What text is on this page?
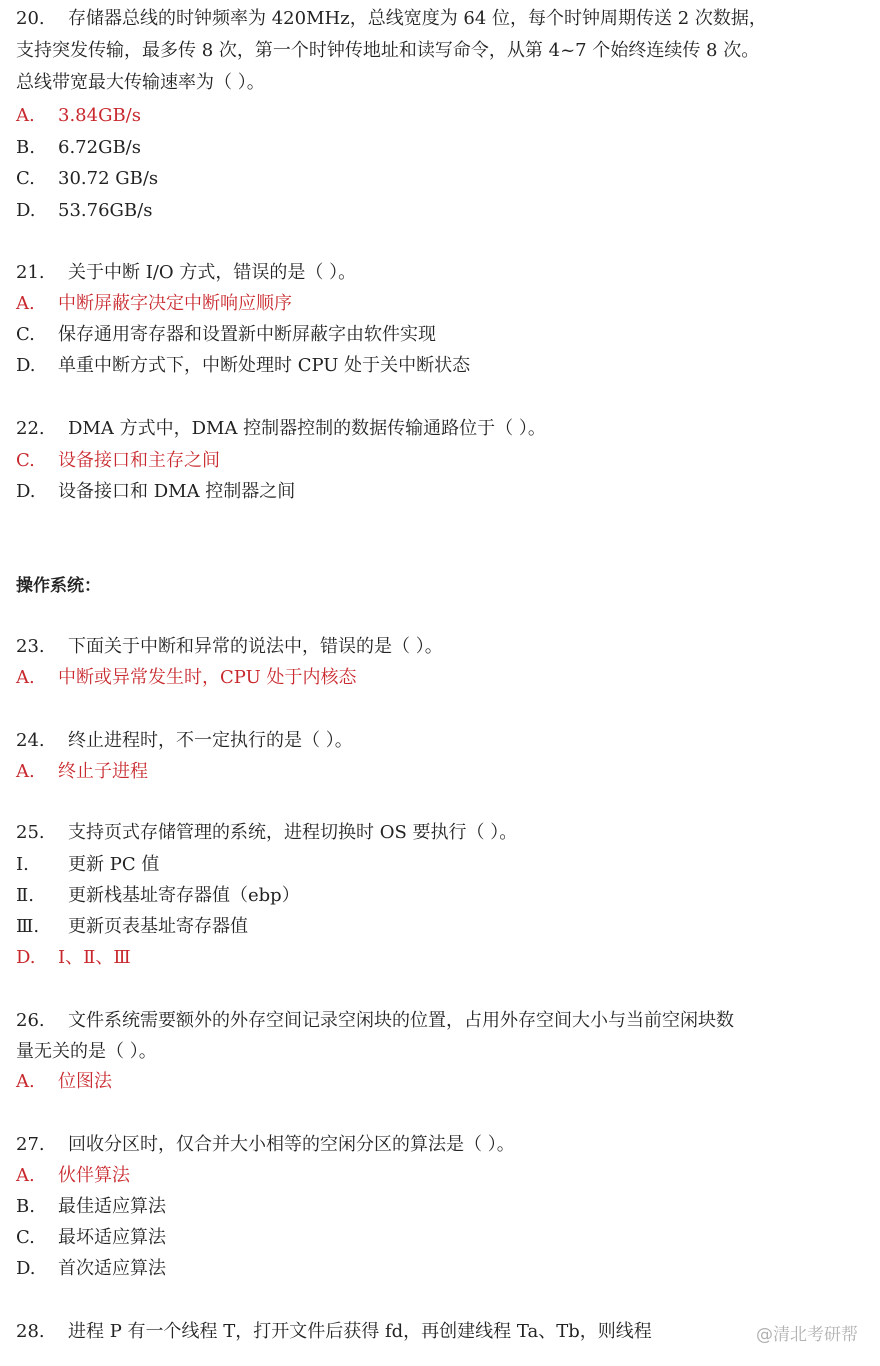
20. 存储器总线的时钟频率为 420MHz，总线宽度为 64 位，每个时钟周期传送 2 次数据，
支持突发传输，最多传 8 次，第一个时钟传地址和读写命令，从第 4~7 个始终连续传 8 次。
总线带宽最大传输速率为（ ）。
A. 3.84GB/s
B. 6.72GB/s
C. 30.72 GB/s
D. 53.76GB/s
21. 关于中断 I/O 方式，错误的是（ ）。
A. 中断屏蔽字决定中断响应顺序
C. 保存通用寄存器和设置新中断屏蔽字由软件实现
D. 单重中断方式下，中断处理时 CPU 处于关中断状态
22. DMA 方式中，DMA 控制器控制的数据传输通路位于（ ）。
C. 设备接口和主存之间
D. 设备接口和 DMA 控制器之间
操作系统：
23. 下面关于中断和异常的说法中，错误的是（ ）。
A. 中断或异常发生时，CPU 处于内核态
24. 终止进程时，不一定执行的是（ ）。
A. 终止子进程
25. 支持页式存储管理的系统，进程切换时 OS 要执行（ ）。
Ⅰ. 更新 PC 值
Ⅱ. 更新栈基址寄存器值（ebp）
Ⅲ. 更新页表基址寄存器值
D. Ⅰ、Ⅱ、Ⅲ
26. 文件系统需要额外的外存空间记录空闲块的位置，占用外存空间大小与当前空闲块数
量无关的是（ ）。
A. 位图法
27. 回收分区时，仅合并大小相等的空闲分区的算法是（ ）。
A. 伙伴算法
B. 最佳适应算法
C. 最坏适应算法
D. 首次适应算法
28. 进程 P 有一个线程 T，打开文件后获得 fd，再创建线程 Ta、Tb，则线程	@清北考研帮
